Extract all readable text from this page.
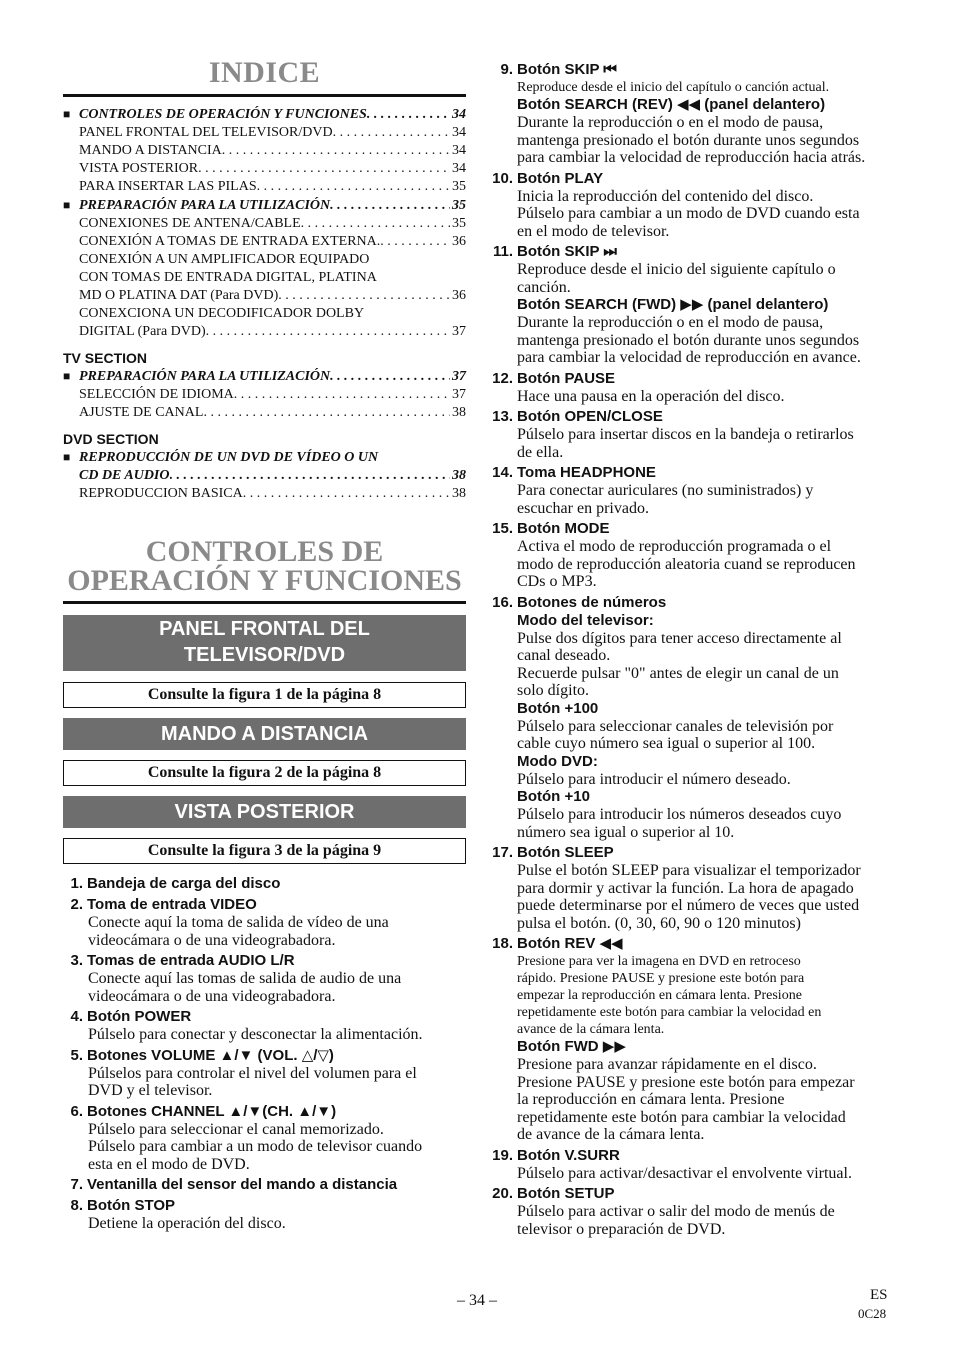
INDICE
■ CONTROLES DE OPERACIÓN Y FUNCIONES . . .	34
PANEL FRONTAL DEL TELEVISOR/DVD . . .	34
MANDO A DISTANCIA . . .	34
VISTA POSTERIOR . . .	34
PARA INSERTAR LAS PILAS . . .	35
■ PREPARACIÓN PARA LA UTILIZACIÓN . . .	35
CONEXIONES DE ANTENA/CABLE . . .	35
CONEXIÓN A TOMAS DE ENTRADA EXTERNA. . . .	36
CONEXIÓN A UN AMPLIFICADOR EQUIPADO
CON TOMAS DE ENTRADA DIGITAL, PLATINA
MD O PLATINA DAT (Para DVD) . . .	36
CONEXCIONA UN DECODIFICADOR DOLBY
DIGITAL (Para DVD) . . .	37
TV SECTION
■ PREPARACIÓN PARA LA UTILIZACIÓN . . .	37
SELECCIÓN DE IDIOMA . . .	37
AJUSTE DE CANAL . . .	38
DVD SECTION
■ REPRODUCCIÓN DE UN DVD DE VÍDEO O UN
CD DE AUDIO . . .	38
REPRODUCCION BASICA . . .	38
CONTROLES DE
OPERACIÓN Y FUNCIONES
PANEL FRONTAL DEL
TELEVISOR/DVD
Consulte la figura 1 de la página 8
MANDO A DISTANCIA
Consulte la figura 2 de la página 8
VISTA POSTERIOR
Consulte la figura 3 de la página 9
1. Bandeja de carga del disco
2. Toma de entrada VIDEO
Conecte aquí la toma de salida de vídeo de una
videocámara o de una videograbadora.
3. Tomas de entrada AUDIO L/R
Conecte aquí las tomas de salida de audio de una
videocámara o de una videograbadora.
4. Botón POWER
Púlselo para conectar y desconectar la alimentación.
5. Botones VOLUME ▲/▼ (VOL. △/▽)
Púlselos para controlar el nivel del volumen para el
DVD y el televisor.
6. Botones CHANNEL ▲/▼(CH. ▲/▼)
Púlselo para seleccionar el canal memorizado.
Púlselo para cambiar a un modo de televisor cuando
esta en el modo de DVD.
7. Ventanilla del sensor del mando a distancia
8. Botón STOP
Detiene la operación del disco.
9. Botón SKIP ⏮
Reproduce desde el inicio del capítulo o canción actual.
Botón SEARCH (REV) ◀◀ (panel delantero)
Durante la reproducción o en el modo de pausa,
mantenga presionado el botón durante unos segundos
para cambiar la velocidad de reproducción hacia atrás.
10. Botón PLAY
Inicia la reproducción del contenido del disco.
Púlselo para cambiar a un modo de DVD cuando esta
en el modo de televisor.
11. Botón SKIP ⏭
Reproduce desde el inicio del siguiente capítulo o
canción.
Botón SEARCH (FWD) ▶▶ (panel delantero)
Durante la reproducción o en el modo de pausa,
mantenga presionado el botón durante unos segundos
para cambiar la velocidad de reproducción en avance.
12. Botón PAUSE
Hace una pausa en la operación del disco.
13. Botón OPEN/CLOSE
Púlselo para insertar discos en la bandeja o retirarlos
de ella.
14. Toma HEADPHONE
Para conectar auriculares (no suministrados) y
escuchar en privado.
15. Botón MODE
Activa el modo de reproducción programada o el
modo de reproducción aleatoria cuand se reproducen
CDs o MP3.
16. Botones de números
Modo del televisor:
Pulse dos dígitos para tener acceso directamente al
canal deseado.
Recuerde pulsar "0" antes de elegir un canal de un
solo dígito.
Botón +100
Púlselo para seleccionar canales de televisión por
cable cuyo número sea igual o superior al 100.
Modo DVD:
Púlselo para introducir el número deseado.
Botón +10
Púlselo para introducir los números deseados cuyo
número sea igual o superior al 10.
17. Botón SLEEP
Pulse el botón SLEEP para visualizar el temporizador
para dormir y activar la función. La hora de apagado
puede determinarse por el número de veces que usted
pulsa el botón. (0, 30, 60, 90 o 120 minutos)
18. Botón REV ◀◀
Presione para ver la imagena en DVD en retroceso
rápido. Presione PAUSE y presione este botón para
empezar la reproducción en cámara lenta. Presione
repetidamente este botón para cambiar la velocidad en
avance de la cámara lenta.
Botón FWD ▶▶
Presione para avanzar rápidamente en el disco.
Presione PAUSE y presione este botón para empezar
la reproducción en cámara lenta. Presione
repetidamente este botón para cambiar la velocidad
de avance de la cámara lenta.
19. Botón V.SURR
Púlselo para activar/desactivar el envolvente virtual.
20. Botón SETUP
Púlselo para activar o salir del modo de menús de
televisor o preparación de DVD.
– 34 –	ES
0C28
